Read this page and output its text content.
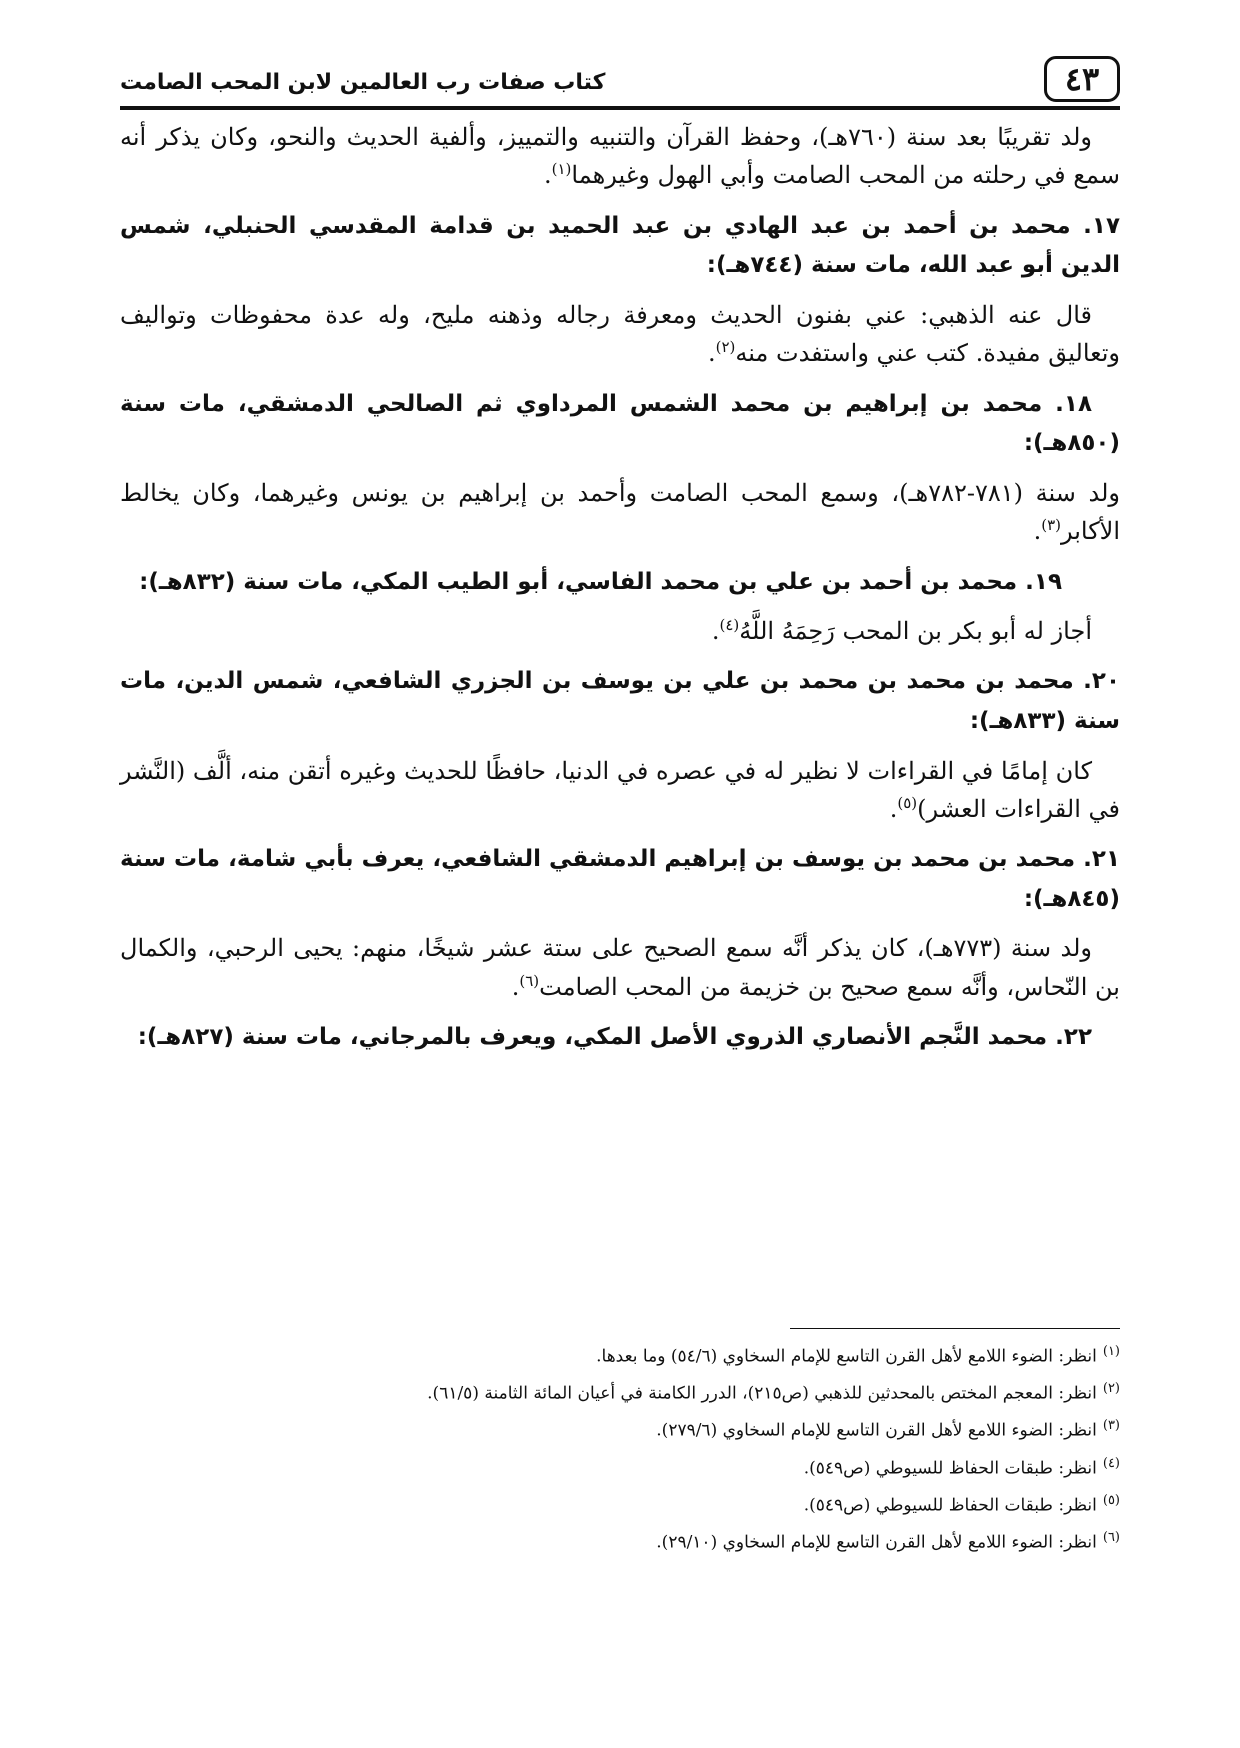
٤٣
كتاب صفات رب العالمين لابن المحب الصامت

ولد تقريبًا بعد سنة (٧٦٠هـ)، وحفظ القرآن والتنبيه والتمييز، وألفية الحديث والنحو، وكان يذكر أنه سمع في رحلته من المحب الصامت وأبي الهول وغيرهما$^{(١)}$.

١٧. محمد بن أحمد بن عبد الهادي بن عبد الحميد بن قدامة المقدسي الحنبلي، شمس الدين أبو عبد الله، مات سنة (٧٤٤هـ):

قال عنه الذهبي: عني بفنون الحديث ومعرفة رجاله وذهنه مليح، وله عدة محفوظات وتواليف وتعاليق مفيدة. كتب عني واستفدت منه$^{(٢)}$.

١٨. محمد بن إبراهيم بن محمد الشمس المرداوي ثم الصالحي الدمشقي، مات سنة (٨٥٠هـ):

ولد سنة (٧٨١-٧٨٢هـ)، وسمع المحب الصامت وأحمد بن إبراهيم بن يونس وغيرهما، وكان يخالط الأكابر$^{(٣)}$.

١٩. محمد بن أحمد بن علي بن محمد الفاسي، أبو الطيب المكي، مات سنة (٨٣٢هـ):

أجاز له أبو بكر بن المحب رَحِمَهُ اللَّهُ$^{(٤)}$.

٢٠. محمد بن محمد بن محمد بن علي بن يوسف بن الجزري الشافعي، شمس الدين، مات سنة (٨٣٣هـ):

كان إمامًا في القراءات لا نظير له في عصره في الدنيا، حافظًا للحديث وغيره أتقن منه، ألَّف (النَّشر في القراءات العشر)$^{(٥)}$.

٢١. محمد بن محمد بن يوسف بن إبراهيم الدمشقي الشافعي، يعرف بأبي شامة، مات سنة (٨٤٥هـ):

ولد سنة (٧٧٣هـ)، كان يذكر أنَّه سمع الصحيح على ستة عشر شيخًا، منهم: يحيى الرحبي، والكمال بن النّحاس، وأنَّه سمع صحيح بن خزيمة من المحب الصامت$^{(٦)}$.

٢٢. محمد النَّجم الأنصاري الذروي الأصل المكي، ويعرف بالمرجاني، مات سنة (٨٢٧هـ):
$^{(١)}$انظر: الضوء اللامع لأهل القرن التاسع للإمام السخاوي (٥٤/٦) وما بعدها.
$^{(٢)}$انظر: المعجم المختص بالمحدثين للذهبي (ص٢١٥)، الدرر الكامنة في أعيان المائة الثامنة (٦١/٥).
$^{(٣)}$انظر: الضوء اللامع لأهل القرن التاسع للإمام السخاوي (٢٧٩/٦).
$^{(٤)}$انظر: طبقات الحفاظ للسيوطي (ص٥٤٩).
$^{(٥)}$انظر: طبقات الحفاظ للسيوطي (ص٥٤٩).
$^{(٦)}$انظر: الضوء اللامع لأهل القرن التاسع للإمام السخاوي (٢٩/١٠).
